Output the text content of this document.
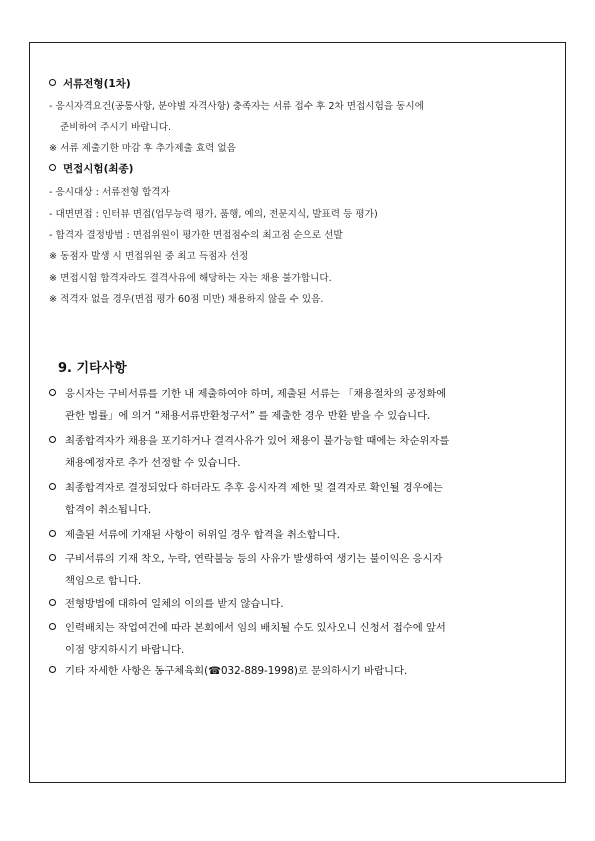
서류전형(1차)
- 응시자격요건(공통사항, 분야별 자격사항) 충족자는 서류 접수 후 2차 면접시험을 동시에
준비하여 주시기 바랍니다.
※ 서류 제출기한 마감 후 추가제출 효력 없음
면접시험(최종)
- 응시대상 : 서류전형 합격자
- 대면면접 : 인터뷰 면접(업무능력 평가, 품행, 예의, 전문지식, 발표력 등 평가)
- 합격자 결정방법 : 면접위원이 평가한 면접점수의 최고점 순으로 선발
※ 동점자 발생 시 면접위원 중 최고 득점자 선정
※ 면접시험 합격자라도 결격사유에 해당하는 자는 채용 불가합니다.
※ 적격자 없을 경우(면접 평가 60점 미만) 채용하지 않을 수 있음.
9. 기타사항
응시자는 구비서류를 기한 내 제출하여야 하며, 제출된 서류는 「채용절차의 공정화에
관한 법률」에 의거 “채용서류반환청구서” 를 제출한 경우 반환 받을 수 있습니다.
최종합격자가 채용을 포기하거나 결격사유가 있어 채용이 불가능할 때에는 차순위자를
채용예정자로 추가 선정할 수 있습니다.
최종합격자로 결정되었다 하더라도 추후 응시자격 제한 및 결격자로 확인될 경우에는
합격이 취소됩니다.
제출된 서류에 기재된 사항이 허위일 경우 합격을 취소합니다.
구비서류의 기재 착오, 누락, 연락불능 등의 사유가 발생하여 생기는 불이익은 응시자
책임으로 합니다.
전형방법에 대하여 일체의 이의를 받지 않습니다.
인력배치는 작업여건에 따라 본회에서 임의 배치될 수도 있사오니 신청서 접수에 앞서
이점 양지하시기 바랍니다.
기타 자세한 사항은 동구체육회(☎032-889-1998)로 문의하시기 바랍니다.
